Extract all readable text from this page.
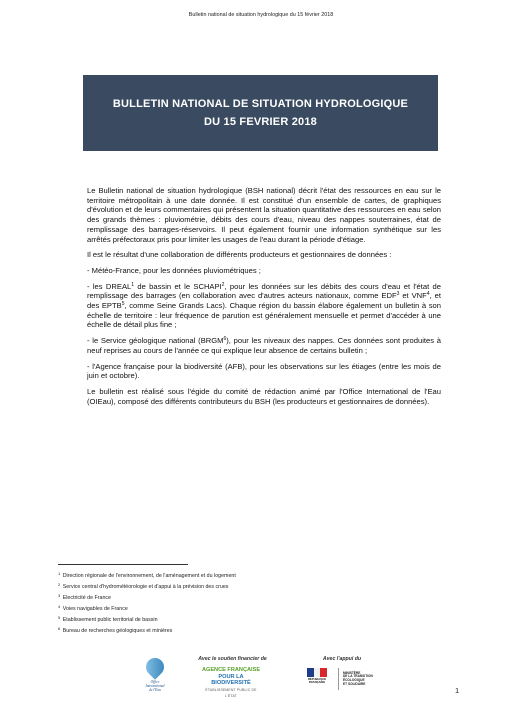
Bulletin national de situation hydrologique du 15 février 2018
BULLETIN NATIONAL DE SITUATION HYDROLOGIQUE
DU 15 FEVRIER 2018

Le Bulletin national de situation hydrologique (BSH national) décrit l'état des ressources en eau sur le territoire métropolitain à une date donnée. Il est constitué d'un ensemble de cartes, de graphiques d'évolution et de leurs commentaires qui présentent la situation quantitative des ressources en eau selon des grands thèmes : pluviométrie, débits des cours d'eau, niveau des nappes souterraines, état de remplissage des barrages-réservoirs. Il peut également fournir une information synthétique sur les arrêtés préfectoraux pris pour limiter les usages de l'eau durant la période d'étiage.

Il est le résultat d'une collaboration de différents producteurs et gestionnaires de données :

- Météo-France, pour les données pluviométriques ;

- les DREAL$^1$ de bassin et le SCHAPI$^2$, pour les données sur les débits des cours d'eau et l'état de remplissage des barrages (en collaboration avec d'autres acteurs nationaux, comme EDF$^3$ et VNF$^4$, et des EPTB$^5$, comme Seine Grands Lacs). Chaque région du bassin élabore également un bulletin à son échelle de territoire : leur fréquence de parution est généralement mensuelle et permet d'accéder à une échelle de détail plus fine ;

- le Service géologique national (BRGM$^6$), pour les niveaux des nappes. Ces données sont produites à neuf reprises au cours de l'année ce qui explique leur absence de certains bulletin ;

- l'Agence française pour la biodiversité (AFB), pour les observations sur les étiages (entre les mois de juin et octobre).

Le bulletin est réalisé sous l'égide du comité de rédaction animé par l'Office International de l'Eau (OIEau), composé des différents contributeurs du BSH (les producteurs et gestionnaires de données).

$^1$ Direction régionale de l'environnement, de l'aménagement et du logement
$^2$ Service central d'hydrométéorologie et d'appui à la prévision des crues
$^3$ Electricité de France
$^4$ Voies navigables de France
$^5$ Etablissement public territorial de bassin
$^6$ Bureau de recherches géologiques et minières
Office
International
de l'Eau
Avec le soutien financier de	Avec l'appui du
AGENCE FRANÇAISE
POUR LA BIODIVERSITÉ
ÉTABLISSEMENT PUBLIC DE L'ÉTAT
RÉPUBLIQUE FRANÇAISE
MINISTÈRE
DE LA TRANSITION
ÉCOLOGIQUE
ET SOLIDAIRE
1
